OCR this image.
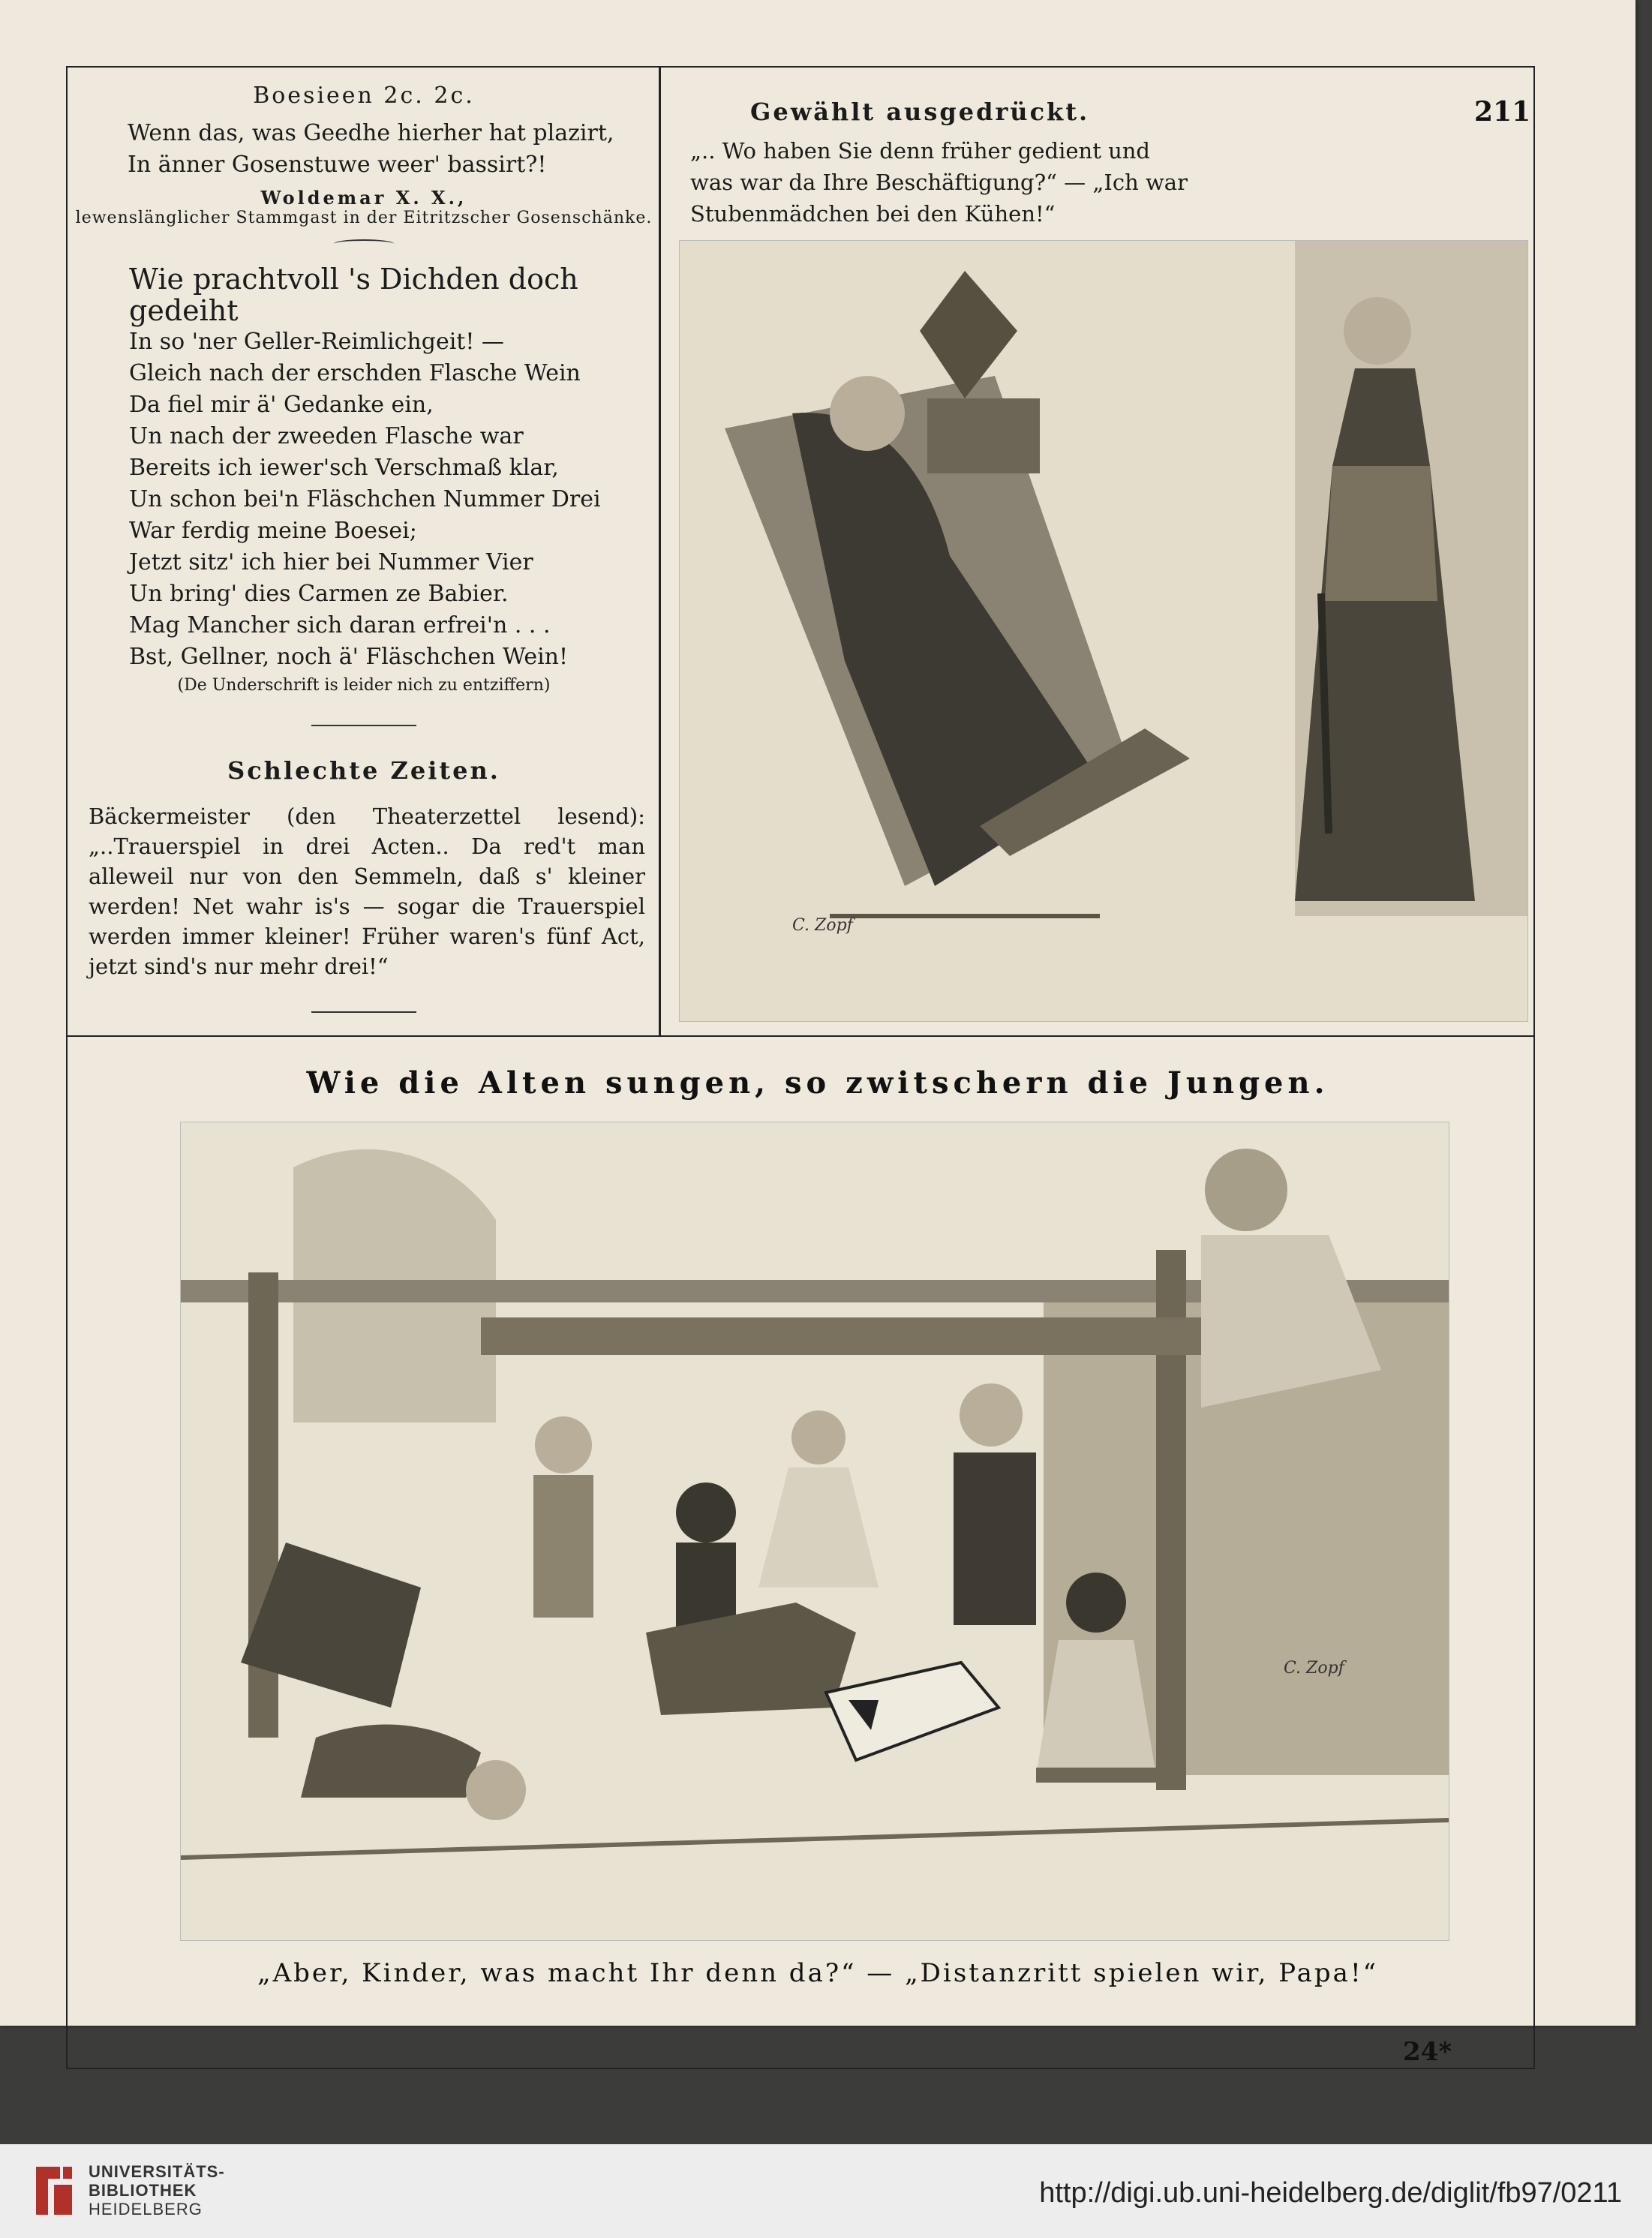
211
Boesieen 2c. 2c.
Wenn das, was Geedhe hierher hat plazirt,
In änner Gosenstuwe weer' bassirt?!
Woldemar X. X.,
lewenslänglicher Stammgast in der Eitritzscher Gosenschänke.
Wie prachtvoll 's Dichden doch gedeiht
In so 'ner Geller-Reimlichgeit! —
Gleich nach der erschden Flasche Wein
Da fiel mir ä' Gedanke ein,
Un nach der zweeden Flasche war
Bereits ich iewer'sch Verschmaß klar,
Un schon bei'n Fläschchen Nummer Drei
War ferdig meine Boesei;
Jetzt sitz' ich hier bei Nummer Vier
Un bring' dies Carmen ze Babier.
Mag Mancher sich daran erfrei'n . . .
Bst, Gellner, noch ä' Fläschchen Wein!
(De Underschrift is leider nich zu entziffern)
Schlechte Zeiten.
Bäckermeister (den Theaterzettel lesend): „..Trauerspiel in drei Acten.. Da red't man alleweil nur von den Semmeln, daß s' kleiner werden! Net wahr is's — sogar die Trauerspiel werden immer kleiner! Früher waren's fünf Act, jetzt sind's nur mehr drei!“
Gewählt ausgedrückt.
„.. Wo haben Sie denn früher gedient und
was war da Ihre Beschäftigung?“ — „Ich war
Stubenmädchen bei den Kühen!“
C. Zopf
Wie die Alten sungen, so zwitschern die Jungen.
C. Zopf
„Aber, Kinder, was macht Ihr denn da?“ — „Distanzritt spielen wir, Papa!“
24*
UNIVERSITÄTS-
BIBLIOTHEK
HEIDELBERG
http://digi.ub.uni-heidelberg.de/diglit/fb97/0211
